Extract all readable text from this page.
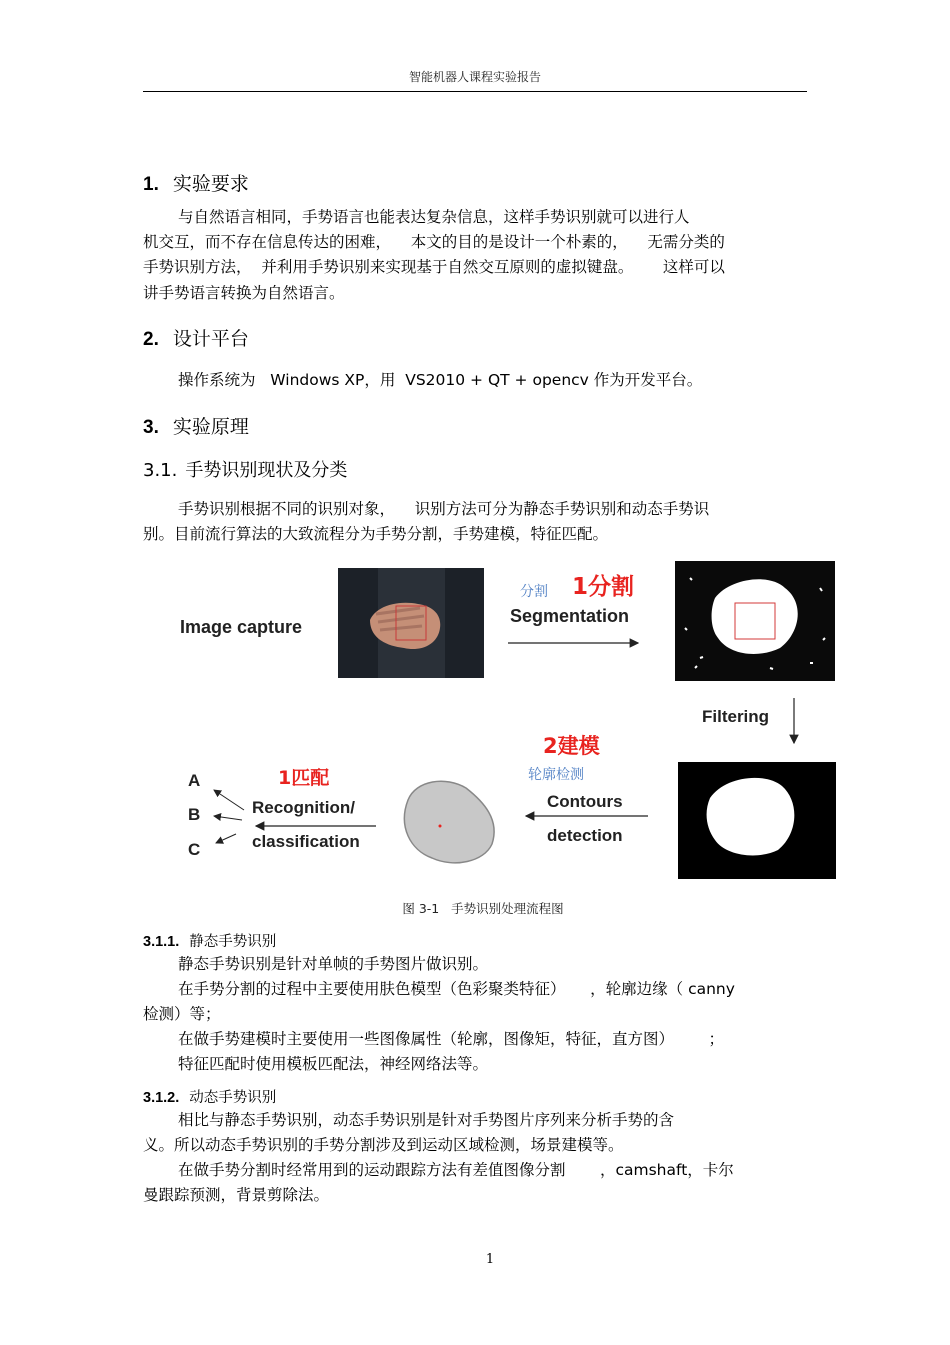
智能机器人课程实验报告
1. 实验要求
与自然语言相同，手势语言也能表达复杂信息，这样手势识别就可以进行人
机交互，而不存在信息传达的困难，    本文的目的是设计一个朴素的，    无需分类的
手势识别方法，  并利用手势识别来实现基于自然交互原则的虚拟键盘。      这样可以
讲手势语言转换为自然语言。
2. 设计平台
操作系统为   Windows XP，用  VS2010 + QT + opencv 作为开发平台。
3. 实验原理
3.1. 手势识别现状及分类
手势识别根据不同的识别对象，    识别方法可分为静态手势识别和动态手势识
别。目前流行算法的大致流程分为手势分割，手势建模，特征匹配。
Image capture
分割 1分割
Segmentation
Filtering
2建模
轮廓检测
Contours
detection
1匹配
Recognition/
classification
A
B
C
图 3-1   手势识别处理流程图
3.1.1. 静态手势识别
静态手势识别是针对单帧的手势图片做识别。
在手势分割的过程中主要使用肤色模型（色彩聚类特征）     ，轮廓边缘（ canny
检测）等；
在做手势建模时主要使用一些图像属性（轮廓，图像矩，特征，直方图）       ；
特征匹配时使用模板匹配法，神经网络法等。
3.1.2. 动态手势识别
相比与静态手势识别，动态手势识别是针对手势图片序列来分析手势的含
义。所以动态手势识别的手势分割涉及到运动区域检测，场景建模等。
在做手势分割时经常用到的运动跟踪方法有差值图像分割       ，camshaft，卡尔
曼跟踪预测，背景剪除法。
1
